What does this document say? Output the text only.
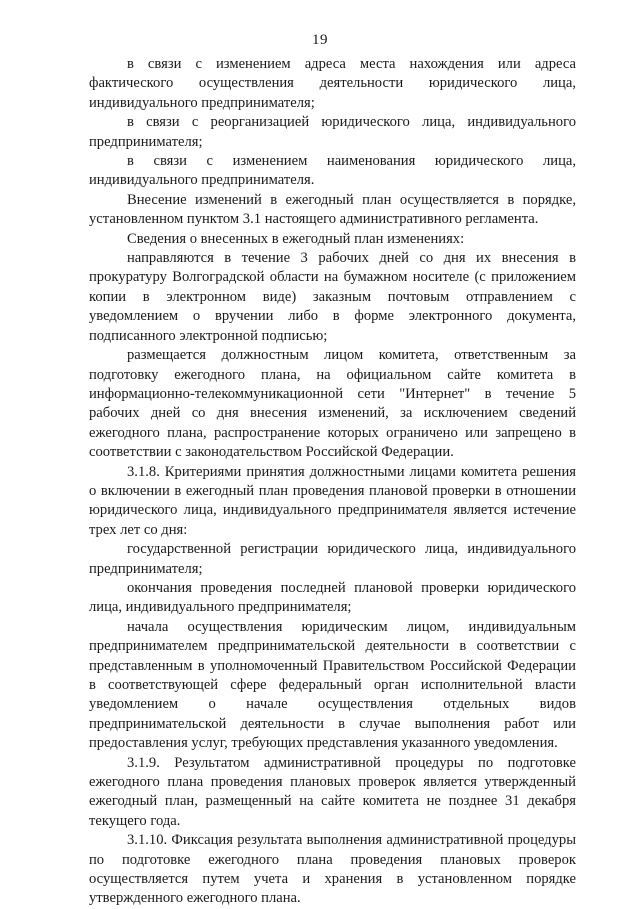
19

в связи с изменением адреса места нахождения или адреса фактического осуществления деятельности юридического лица, индивидуального предпринимателя;

в связи с реорганизацией юридического лица, индивидуального предпринимателя;

в связи с изменением наименования юридического лица, индивидуального предпринимателя.

Внесение изменений в ежегодный план осуществляется в порядке, установленном пунктом 3.1 настоящего административного регламента.

Сведения о внесенных в ежегодный план изменениях:

направляются в течение 3 рабочих дней со дня их внесения в прокуратуру Волгоградской области на бумажном носителе (с приложением копии в электронном виде) заказным почтовым отправлением с уведомлением о вручении либо в форме электронного документа, подписанного электронной подписью;

размещается должностным лицом комитета, ответственным за подготовку ежегодного плана, на официальном сайте комитета в информационно-телекоммуникационной сети "Интернет" в течение 5 рабочих дней со дня внесения изменений, за исключением сведений ежегодного плана, распространение которых ограничено или запрещено в соответствии с законодательством Российской Федерации.

3.1.8. Критериями принятия должностными лицами комитета решения о включении в ежегодный план проведения плановой проверки в отношении юридического лица, индивидуального предпринимателя является истечение трех лет со дня:

государственной регистрации юридического лица, индивидуального предпринимателя;

окончания проведения последней плановой проверки юридического лица, индивидуального предпринимателя;

начала осуществления юридическим лицом, индивидуальным предпринимателем предпринимательской деятельности в соответствии с представленным в уполномоченный Правительством Российской Федерации в соответствующей сфере федеральный орган исполнительной власти уведомлением о начале осуществления отдельных видов предпринимательской деятельности в случае выполнения работ или предоставления услуг, требующих представления указанного уведомления.

3.1.9. Результатом административной процедуры по подготовке ежегодного плана проведения плановых проверок является утвержденный ежегодный план, размещенный на сайте комитета не позднее 31 декабря текущего года.

3.1.10. Фиксация результата выполнения административной процедуры по подготовке ежегодного плана проведения плановых проверок осуществляется путем учета и хранения в установленном порядке утвержденного ежегодного плана.
